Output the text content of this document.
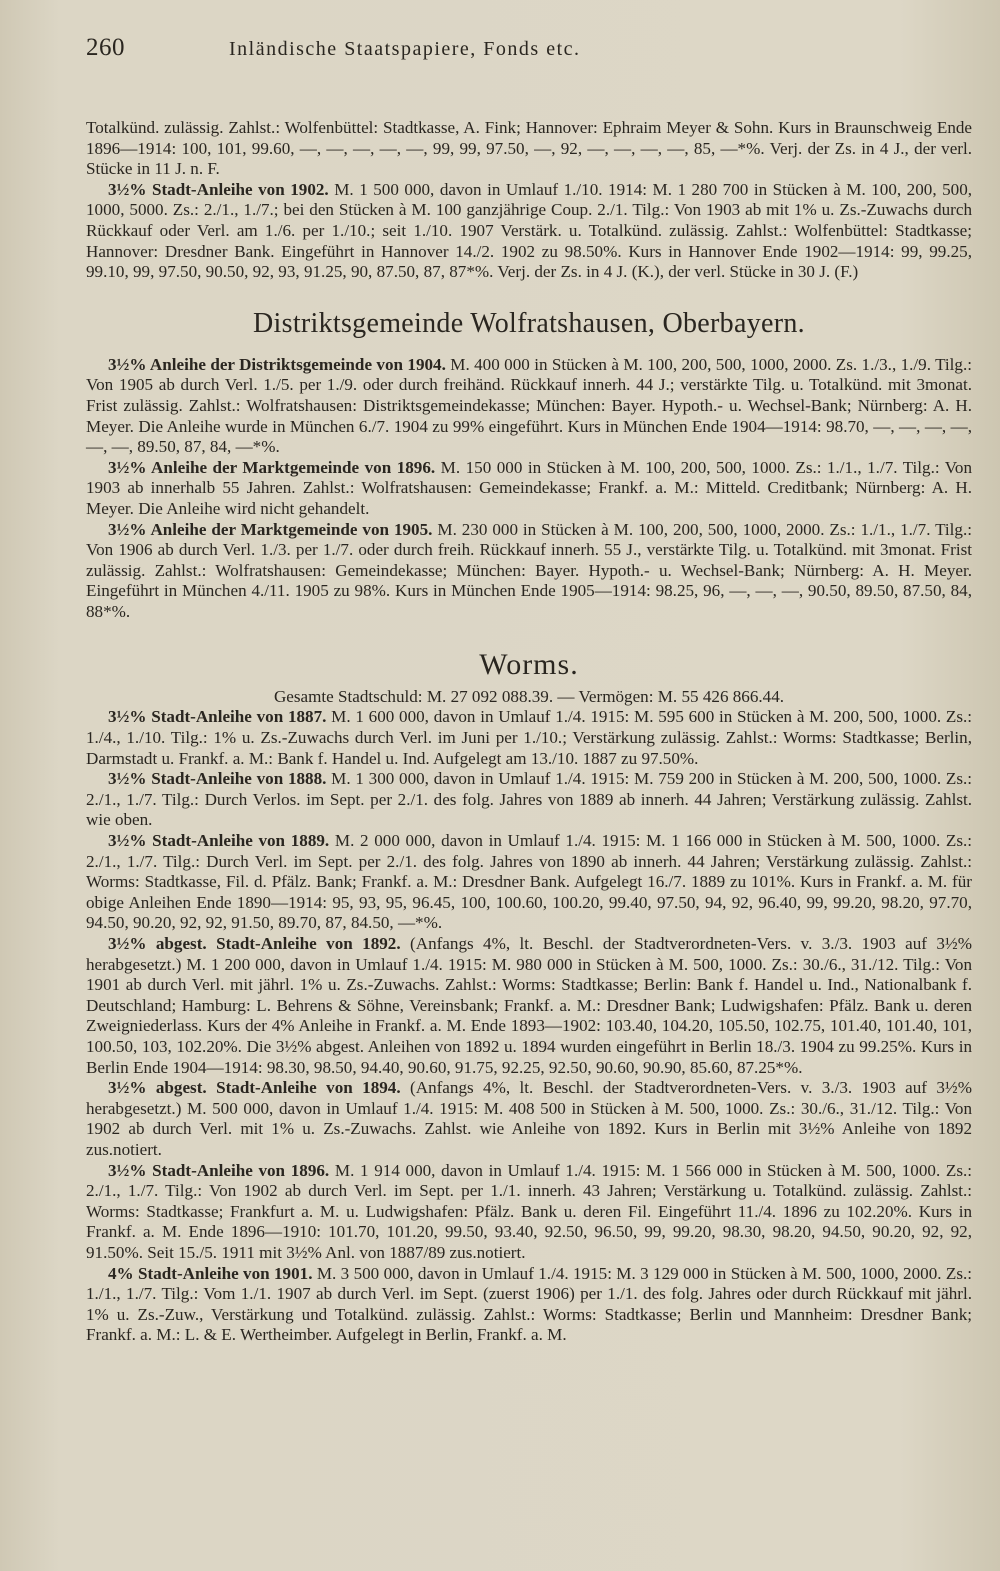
260	Inländische Staatspapiere, Fonds etc.

Totalkünd. zulässig. Zahlst.: Wolfenbüttel: Stadtkasse, A. Fink; Hannover: Ephraim Meyer & Sohn. Kurs in Braunschweig Ende 1896—1914: 100, 101, 99.60, —, —, —, —, —, 99, 99, 97.50, —, 92, —, —, —, —, 85, —*%. Verj. der Zs. in 4 J., der verl. Stücke in 11 J. n. F.

3½% Stadt-Anleihe von 1902. M. 1 500 000, davon in Umlauf 1./10. 1914: M. 1 280 700 in Stücken à M. 100, 200, 500, 1000, 5000. Zs.: 2./1., 1./7.; bei den Stücken à M. 100 ganzjährige Coup. 2./1. Tilg.: Von 1903 ab mit 1% u. Zs.-Zuwachs durch Rückkauf oder Verl. am 1./6. per 1./10.; seit 1./10. 1907 Verstärk. u. Totalkünd. zulässig. Zahlst.: Wolfenbüttel: Stadtkasse; Hannover: Dresdner Bank. Eingeführt in Hannover 14./2. 1902 zu 98.50%. Kurs in Hannover Ende 1902—1914: 99, 99.25, 99.10, 99, 97.50, 90.50, 92, 93, 91.25, 90, 87.50, 87, 87*%. Verj. der Zs. in 4 J. (K.), der verl. Stücke in 30 J. (F.)

Distriktsgemeinde Wolfratshausen, Oberbayern.

3½% Anleihe der Distriktsgemeinde von 1904. M. 400 000 in Stücken à M. 100, 200, 500, 1000, 2000. Zs. 1./3., 1./9. Tilg.: Von 1905 ab durch Verl. 1./5. per 1./9. oder durch freihänd. Rückkauf innerh. 44 J.; verstärkte Tilg. u. Totalkünd. mit 3monat. Frist zulässig. Zahlst.: Wolfratshausen: Distriktsgemeindekasse; München: Bayer. Hypoth.- u. Wechsel-Bank; Nürnberg: A. H. Meyer. Die Anleihe wurde in München 6./7. 1904 zu 99% eingeführt. Kurs in München Ende 1904—1914: 98.70, —, —, —, —, —, —, 89.50, 87, 84, —*%.

3½% Anleihe der Marktgemeinde von 1896. M. 150 000 in Stücken à M. 100, 200, 500, 1000. Zs.: 1./1., 1./7. Tilg.: Von 1903 ab innerhalb 55 Jahren. Zahlst.: Wolfratshausen: Gemeindekasse; Frankf. a. M.: Mitteld. Creditbank; Nürnberg: A. H. Meyer. Die Anleihe wird nicht gehandelt.

3½% Anleihe der Marktgemeinde von 1905. M. 230 000 in Stücken à M. 100, 200, 500, 1000, 2000. Zs.: 1./1., 1./7. Tilg.: Von 1906 ab durch Verl. 1./3. per 1./7. oder durch freih. Rückkauf innerh. 55 J., verstärkte Tilg. u. Totalkünd. mit 3monat. Frist zulässig. Zahlst.: Wolfratshausen: Gemeindekasse; München: Bayer. Hypoth.- u. Wechsel-Bank; Nürnberg: A. H. Meyer. Eingeführt in München 4./11. 1905 zu 98%. Kurs in München Ende 1905—1914: 98.25, 96, —, —, —, 90.50, 89.50, 87.50, 84, 88*%.

Worms.
Gesamte Stadtschuld: M. 27 092 088.39. — Vermögen: M. 55 426 866.44.

3½% Stadt-Anleihe von 1887. M. 1 600 000, davon in Umlauf 1./4. 1915: M. 595 600 in Stücken à M. 200, 500, 1000. Zs.: 1./4., 1./10. Tilg.: 1% u. Zs.-Zuwachs durch Verl. im Juni per 1./10.; Verstärkung zulässig. Zahlst.: Worms: Stadtkasse; Berlin, Darmstadt u. Frankf. a. M.: Bank f. Handel u. Ind. Aufgelegt am 13./10. 1887 zu 97.50%.

3½% Stadt-Anleihe von 1888. M. 1 300 000, davon in Umlauf 1./4. 1915: M. 759 200 in Stücken à M. 200, 500, 1000. Zs.: 2./1., 1./7. Tilg.: Durch Verlos. im Sept. per 2./1. des folg. Jahres von 1889 ab innerh. 44 Jahren; Verstärkung zulässig. Zahlst. wie oben.

3½% Stadt-Anleihe von 1889. M. 2 000 000, davon in Umlauf 1./4. 1915: M. 1 166 000 in Stücken à M. 500, 1000. Zs.: 2./1., 1./7. Tilg.: Durch Verl. im Sept. per 2./1. des folg. Jahres von 1890 ab innerh. 44 Jahren; Verstärkung zulässig. Zahlst.: Worms: Stadtkasse, Fil. d. Pfälz. Bank; Frankf. a. M.: Dresdner Bank. Aufgelegt 16./7. 1889 zu 101%. Kurs in Frankf. a. M. für obige Anleihen Ende 1890—1914: 95, 93, 95, 96.45, 100, 100.60, 100.20, 99.40, 97.50, 94, 92, 96.40, 99, 99.20, 98.20, 97.70, 94.50, 90.20, 92, 92, 91.50, 89.70, 87, 84.50, —*%.

3½% abgest. Stadt-Anleihe von 1892. (Anfangs 4%, lt. Beschl. der Stadtverordneten-Vers. v. 3./3. 1903 auf 3½% herabgesetzt.) M. 1 200 000, davon in Umlauf 1./4. 1915: M. 980 000 in Stücken à M. 500, 1000. Zs.: 30./6., 31./12. Tilg.: Von 1901 ab durch Verl. mit jährl. 1% u. Zs.-Zuwachs. Zahlst.: Worms: Stadtkasse; Berlin: Bank f. Handel u. Ind., Nationalbank f. Deutschland; Hamburg: L. Behrens & Söhne, Vereinsbank; Frankf. a. M.: Dresdner Bank; Ludwigshafen: Pfälz. Bank u. deren Zweigniederlass. Kurs der 4% Anleihe in Frankf. a. M. Ende 1893—1902: 103.40, 104.20, 105.50, 102.75, 101.40, 101.40, 101, 100.50, 103, 102.20%. Die 3½% abgest. Anleihen von 1892 u. 1894 wurden eingeführt in Berlin 18./3. 1904 zu 99.25%. Kurs in Berlin Ende 1904—1914: 98.30, 98.50, 94.40, 90.60, 91.75, 92.25, 92.50, 90.60, 90.90, 85.60, 87.25*%.

3½% abgest. Stadt-Anleihe von 1894. (Anfangs 4%, lt. Beschl. der Stadtverordneten-Vers. v. 3./3. 1903 auf 3½% herabgesetzt.) M. 500 000, davon in Umlauf 1./4. 1915: M. 408 500 in Stücken à M. 500, 1000. Zs.: 30./6., 31./12. Tilg.: Von 1902 ab durch Verl. mit 1% u. Zs.-Zuwachs. Zahlst. wie Anleihe von 1892. Kurs in Berlin mit 3½% Anleihe von 1892 zus.notiert.

3½% Stadt-Anleihe von 1896. M. 1 914 000, davon in Umlauf 1./4. 1915: M. 1 566 000 in Stücken à M. 500, 1000. Zs.: 2./1., 1./7. Tilg.: Von 1902 ab durch Verl. im Sept. per 1./1. innerh. 43 Jahren; Verstärkung u. Totalkünd. zulässig. Zahlst.: Worms: Stadtkasse; Frankfurt a. M. u. Ludwigshafen: Pfälz. Bank u. deren Fil. Eingeführt 11./4. 1896 zu 102.20%. Kurs in Frankf. a. M. Ende 1896—1910: 101.70, 101.20, 99.50, 93.40, 92.50, 96.50, 99, 99.20, 98.30, 98.20, 94.50, 90.20, 92, 92, 91.50%. Seit 15./5. 1911 mit 3½% Anl. von 1887/89 zus.notiert.

4% Stadt-Anleihe von 1901. M. 3 500 000, davon in Umlauf 1./4. 1915: M. 3 129 000 in Stücken à M. 500, 1000, 2000. Zs.: 1./1., 1./7. Tilg.: Vom 1./1. 1907 ab durch Verl. im Sept. (zuerst 1906) per 1./1. des folg. Jahres oder durch Rückkauf mit jährl. 1% u. Zs.-Zuw., Verstärkung und Totalkünd. zulässig. Zahlst.: Worms: Stadtkasse; Berlin und Mannheim: Dresdner Bank; Frankf. a. M.: L. & E. Wertheimber. Aufgelegt in Berlin, Frankf. a. M.
